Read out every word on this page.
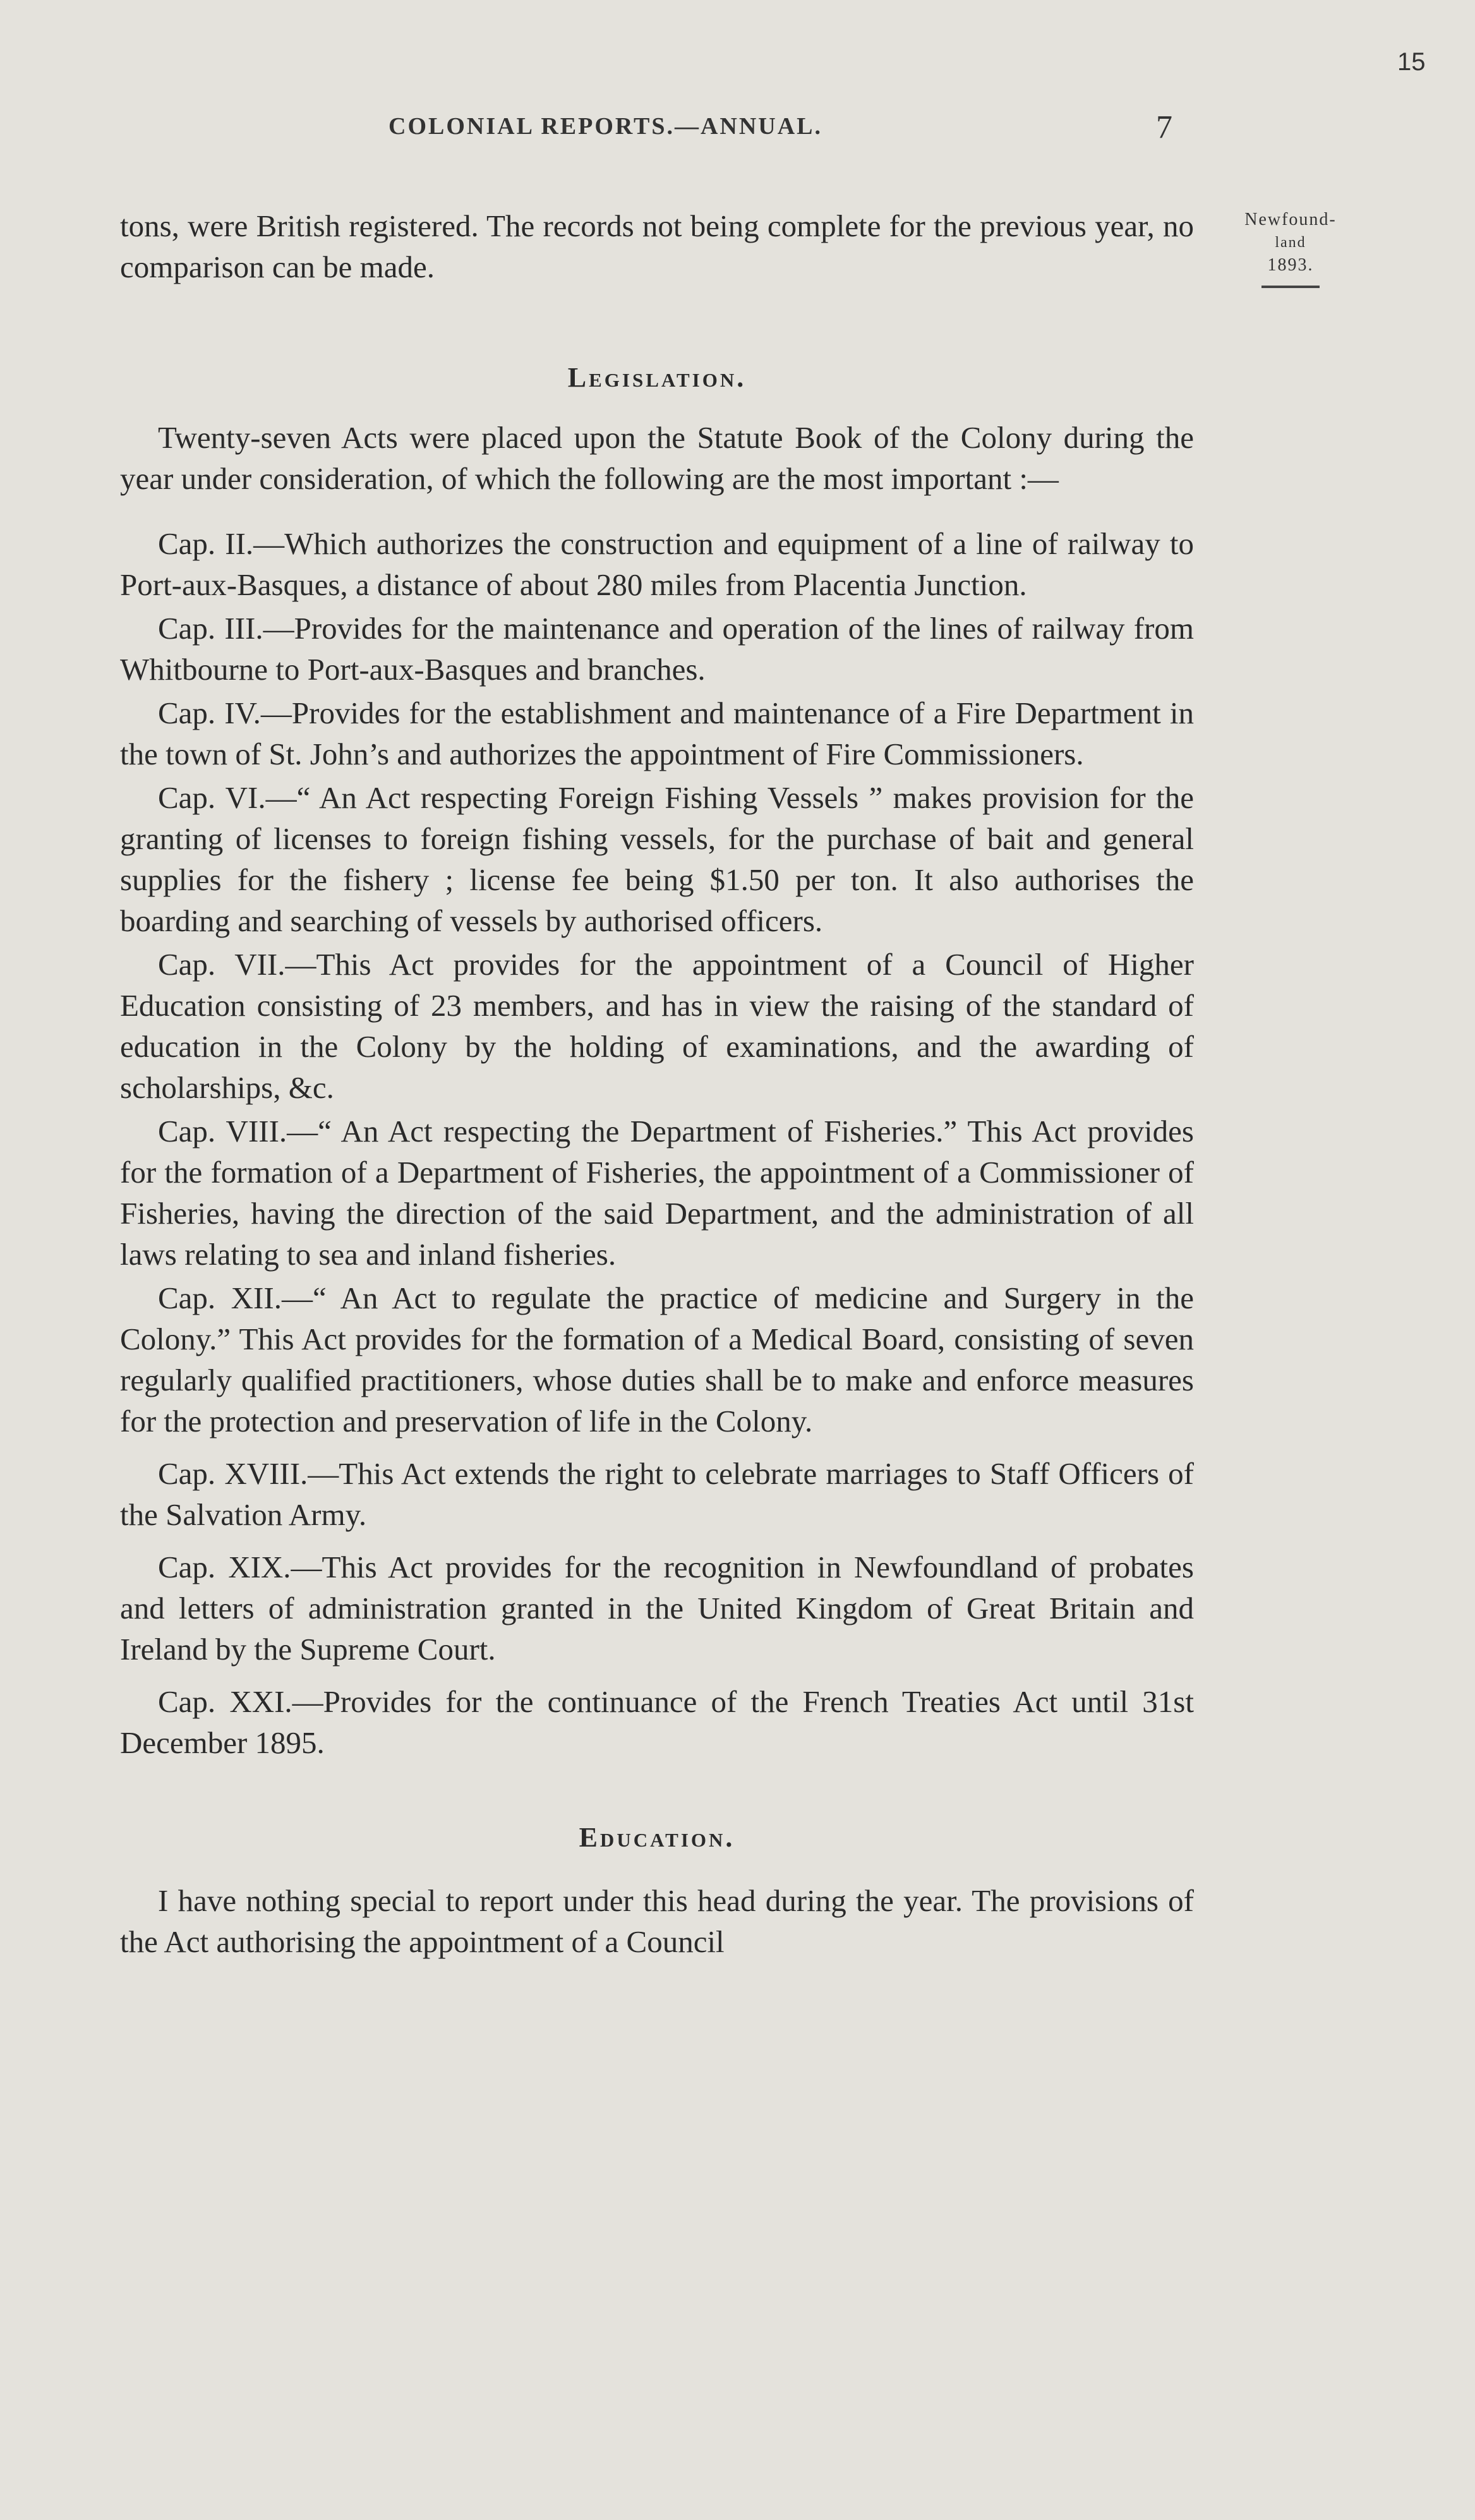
15
COLONIAL REPORTS.—ANNUAL.	7
Newfound-
land
1893.

tons, were British registered. The records not being complete for the previous year, no comparison can be made.

Legislation.

Twenty-seven Acts were placed upon the Statute Book of the Colony during the year under consideration, of which the following are the most important :—

Cap. II.—Which authorizes the construction and equipment of a line of railway to Port-aux-Basques, a distance of about 280 miles from Placentia Junction.

Cap. III.—Provides for the maintenance and operation of the lines of railway from Whitbourne to Port-aux-Basques and branches.

Cap. IV.—Provides for the establishment and maintenance of a Fire Department in the town of St. John’s and authorizes the appointment of Fire Commissioners.

Cap. VI.—“ An Act respecting Foreign Fishing Vessels ” makes provision for the granting of licenses to foreign fishing vessels, for the purchase of bait and general supplies for the fishery ; license fee being $1.50 per ton. It also authorises the boarding and searching of vessels by authorised officers.

Cap. VII.—This Act provides for the appointment of a Council of Higher Education consisting of 23 members, and has in view the raising of the standard of education in the Colony by the holding of examinations, and the awarding of scholarships, &c.

Cap. VIII.—“ An Act respecting the Department of Fisheries.” This Act provides for the formation of a Department of Fisheries, the appointment of a Commissioner of Fisheries, having the direction of the said Department, and the administration of all laws relating to sea and inland fisheries.

Cap. XII.—“ An Act to regulate the practice of medicine and Surgery in the Colony.” This Act provides for the formation of a Medical Board, consisting of seven regularly qualified practitioners, whose duties shall be to make and enforce measures for the protection and preservation of life in the Colony.

Cap. XVIII.—This Act extends the right to celebrate marriages to Staff Officers of the Salvation Army.

Cap. XIX.—This Act provides for the recognition in Newfoundland of probates and letters of administration granted in the United Kingdom of Great Britain and Ireland by the Supreme Court.

Cap. XXI.—Provides for the continuance of the French Treaties Act until 31st December 1895.

Education.

I have nothing special to report under this head during the year. The provisions of the Act authorising the appointment of a Council
